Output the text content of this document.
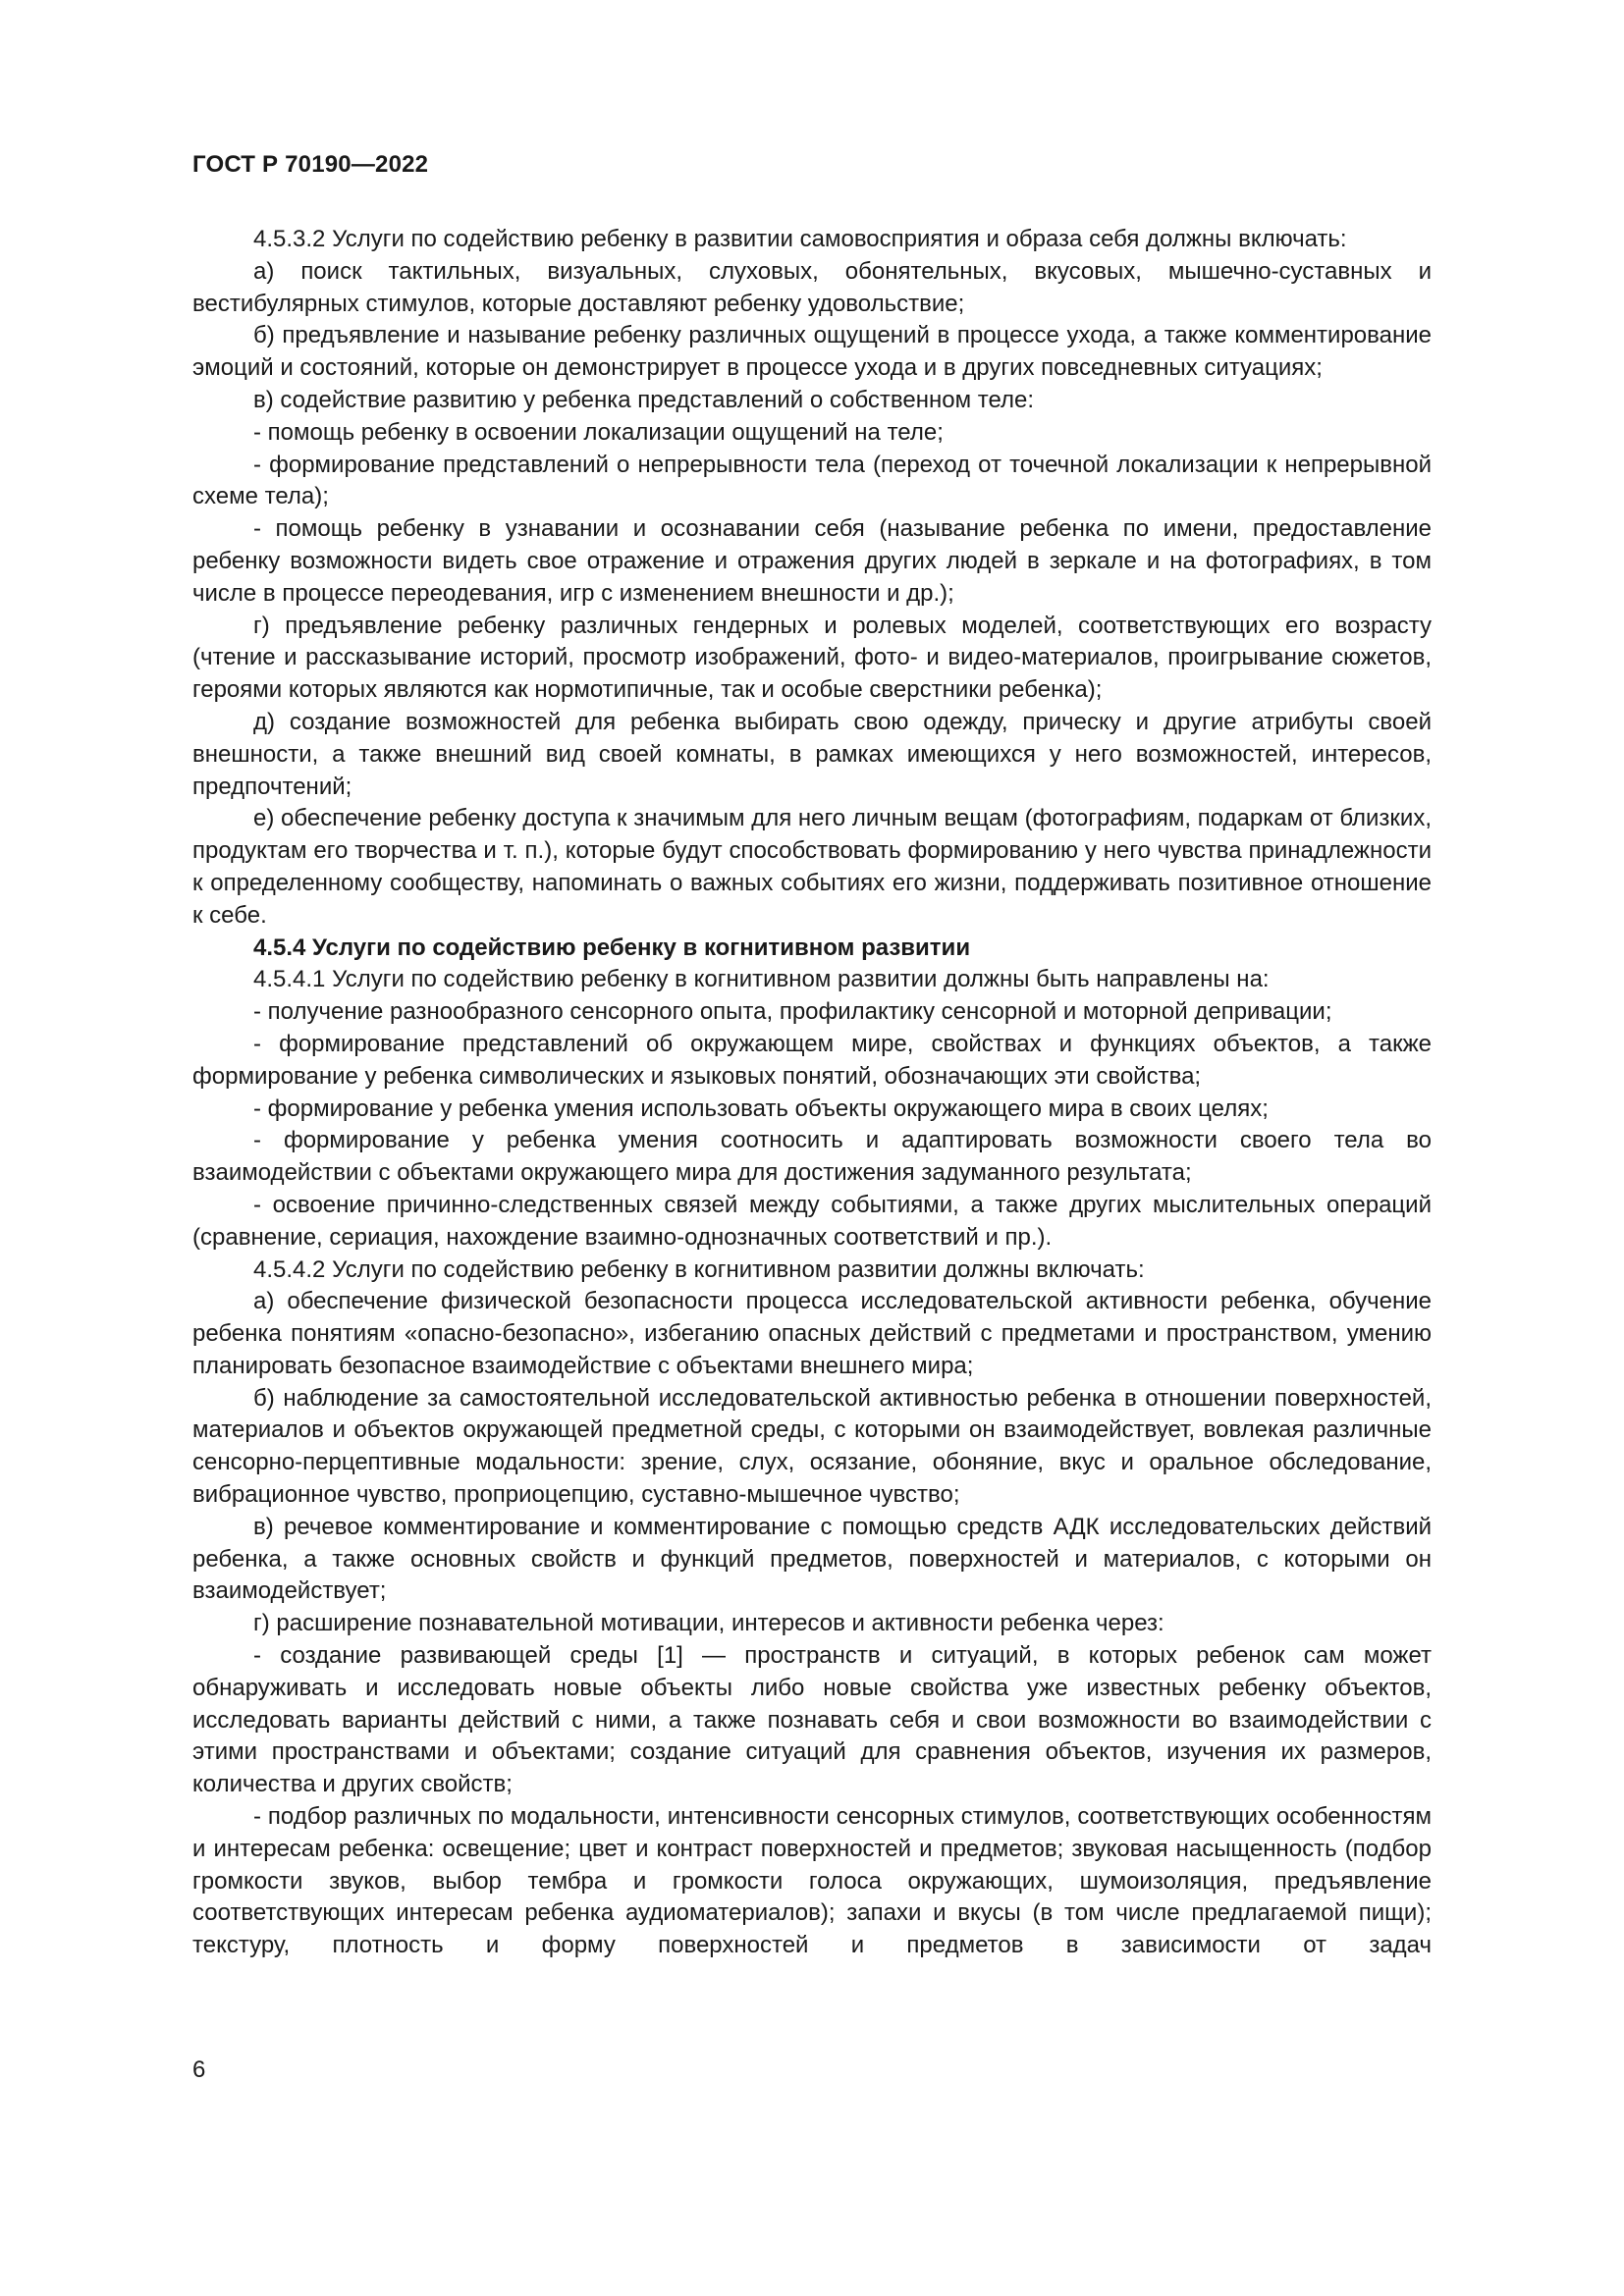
ГОСТ Р 70190—2022

4.5.3.2 Услуги по содействию ребенку в развитии самовосприятия и образа себя должны включать:

а) поиск тактильных, визуальных, слуховых, обонятельных, вкусовых, мышечно-суставных и вестибулярных стимулов, которые доставляют ребенку удовольствие;

б) предъявление и называние ребенку различных ощущений в процессе ухода, а также комментирование эмоций и состояний, которые он демонстрирует в процессе ухода и в других повседневных ситуациях;

в) содействие развитию у ребенка представлений о собственном теле:

- помощь ребенку в освоении локализации ощущений на теле;

- формирование представлений о непрерывности тела (переход от точечной локализации к непрерывной схеме тела);

- помощь ребенку в узнавании и осознавании себя (называние ребенка по имени, предоставление ребенку возможности видеть свое отражение и отражения других людей в зеркале и на фотографиях, в том числе в процессе переодевания, игр с изменением внешности и др.);

г) предъявление ребенку различных гендерных и ролевых моделей, соответствующих его возрасту (чтение и рассказывание историй, просмотр изображений, фото- и видео-материалов, проигрывание сюжетов, героями которых являются как нормотипичные, так и особые сверстники ребенка);

д) создание возможностей для ребенка выбирать свою одежду, прическу и другие атрибуты своей внешности, а также внешний вид своей комнаты, в рамках имеющихся у него возможностей, интересов, предпочтений;

е) обеспечение ребенку доступа к значимым для него личным вещам (фотографиям, подаркам от близких, продуктам его творчества и т. п.), которые будут способствовать формированию у него чувства принадлежности к определенному сообществу, напоминать о важных событиях его жизни, поддерживать позитивное отношение к себе.

4.5.4 Услуги по содействию ребенку в когнитивном развитии

4.5.4.1 Услуги по содействию ребенку в когнитивном развитии должны быть направлены на:

- получение разнообразного сенсорного опыта, профилактику сенсорной и моторной депривации;

- формирование представлений об окружающем мире, свойствах и функциях объектов, а также формирование у ребенка символических и языковых понятий, обозначающих эти свойства;

- формирование у ребенка умения использовать объекты окружающего мира в своих целях;

- формирование у ребенка умения соотносить и адаптировать возможности своего тела во взаимодействии с объектами окружающего мира для достижения задуманного результата;

- освоение причинно-следственных связей между событиями, а также других мыслительных операций (сравнение, сериация, нахождение взаимно-однозначных соответствий и пр.).

4.5.4.2 Услуги по содействию ребенку в когнитивном развитии должны включать:

а) обеспечение физической безопасности процесса исследовательской активности ребенка, обучение ребенка понятиям «опасно-безопасно», избеганию опасных действий с предметами и пространством, умению планировать безопасное взаимодействие с объектами внешнего мира;

б) наблюдение за самостоятельной исследовательской активностью ребенка в отношении поверхностей, материалов и объектов окружающей предметной среды, с которыми он взаимодействует, вовлекая различные сенсорно-перцептивные модальности: зрение, слух, осязание, обоняние, вкус и оральное обследование, вибрационное чувство, проприоцепцию, суставно-мышечное чувство;

в) речевое комментирование и комментирование с помощью средств АДК исследовательских действий ребенка, а также основных свойств и функций предметов, поверхностей и материалов, с которыми он взаимодействует;

г) расширение познавательной мотивации, интересов и активности ребенка через:

- создание развивающей среды [1] — пространств и ситуаций, в которых ребенок сам может обнаруживать и исследовать новые объекты либо новые свойства уже известных ребенку объектов, исследовать варианты действий с ними, а также познавать себя и свои возможности во взаимодействии с этими пространствами и объектами; создание ситуаций для сравнения объектов, изучения их размеров, количества и других свойств;

- подбор различных по модальности, интенсивности сенсорных стимулов, соответствующих особенностям и интересам ребенка: освещение; цвет и контраст поверхностей и предметов; звуковая насыщенность (подбор громкости звуков, выбор тембра и громкости голоса окружающих, шумоизоляция, предъявление соответствующих интересам ребенка аудиоматериалов); запахи и вкусы (в том числе предлагаемой пищи); текстуру, плотность и форму поверхностей и предметов в зависимости от задач

6
